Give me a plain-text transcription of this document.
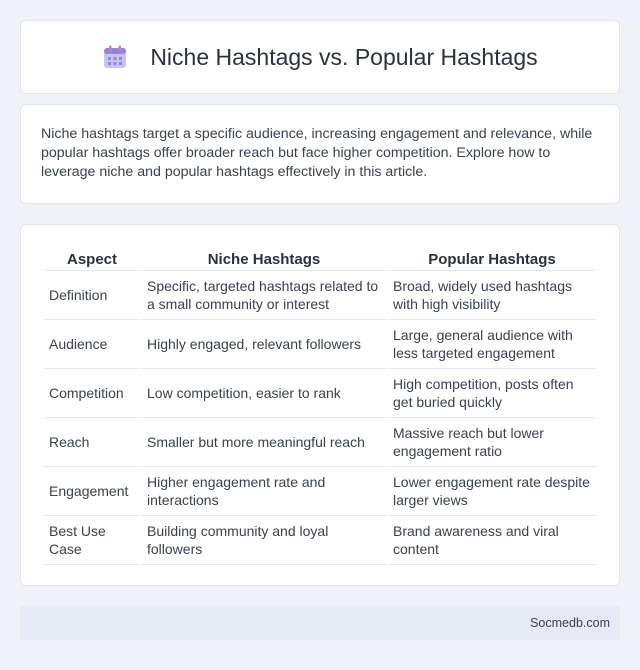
Niche Hashtags vs. Popular Hashtags

Niche hashtags target a specific audience, increasing engagement and relevance, while popular hashtags offer broader reach but face higher competition. Explore how to leverage niche and popular hashtags effectively in this article.

Aspect	Niche Hashtags	Popular Hashtags
Definition	Specific, targeted hashtags related to a small community or interest	Broad, widely used hashtags with high visibility
Audience	Highly engaged, relevant followers	Large, general audience with less targeted engagement
Competition	Low competition, easier to rank	High competition, posts often get buried quickly
Reach	Smaller but more meaningful reach	Massive reach but lower engagement ratio
Engagement	Higher engagement rate and interactions	Lower engagement rate despite larger views
Best Use Case	Building community and loyal followers	Brand awareness and viral content
Socmedb.com
